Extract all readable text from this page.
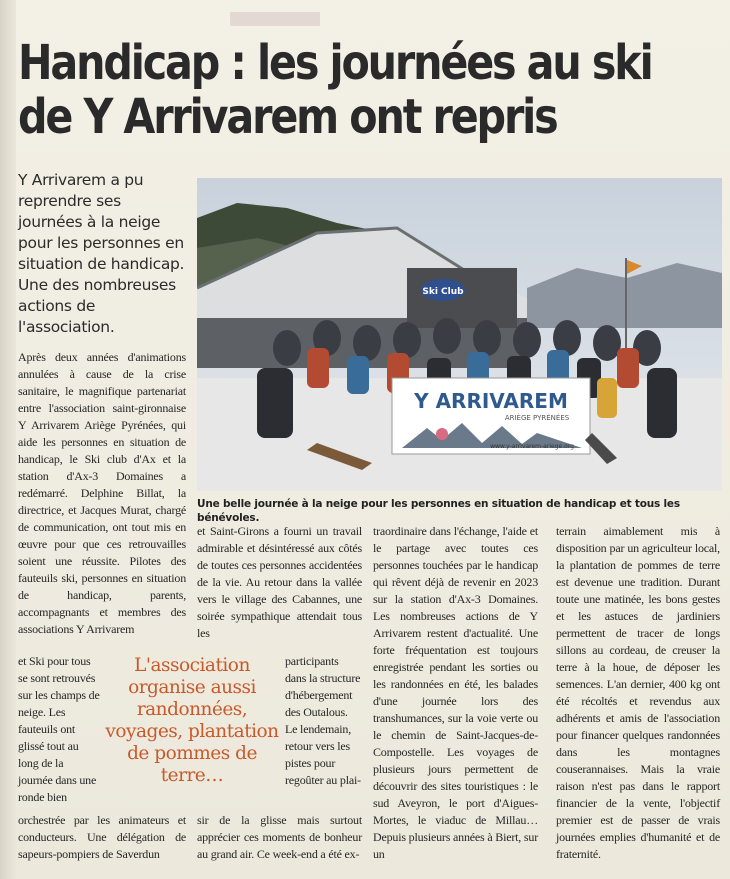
Handicap : les journées au ski
de Y Arrivarem ont repris

Y Arrivarem a pu reprendre ses journées à la neige pour les personnes en situation de handicap. Une des nombreuses actions de l'association.

Ski Club
Y ARRIVAREM
ARIÈGE PYRÉNÉES
www.y-arrivarem-ariege.org

Une belle journée à la neige pour les personnes en situation de handicap et tous les bénévoles.

Après deux années d'animations annulées à cause de la crise sanitaire, le magnifique partenariat entre l'association saint-gironnaise Y Arrivarem Ariège Pyrénées, qui aide les personnes en situation de handicap, le Ski club d'Ax et la station d'Ax-3 Domaines a redémarré. Delphine Billat, la directrice, et Jacques Murat, chargé de communication, ont tout mis en œuvre pour que ces retrouvailles soient une réussite. Pilotes des fauteuils ski, personnes en situation de handicap, parents, accompagnants et membres des associations Y Arrivarem

et Ski pour tous se sont retrouvés sur les champs de neige. Les fauteuils ont glissé tout au long de la journée dans une ronde bien

orchestrée par les animateurs et conducteurs. Une délégation de sapeurs-pompiers de Saverdun

L'association organise aussi randonnées, voyages, plantation de pommes de terre…

et Saint-Girons a fourni un travail admirable et désintéressé aux côtés de toutes ces personnes accidentées de la vie. Au retour dans la vallée vers le village des Cabannes, une soirée sympathique attendait tous les

participants dans la structure d'hébergement des Outalous. Le lendemain, retour vers les pistes pour regoûter au plai-

sir de la glisse mais surtout apprécier ces moments de bonheur au grand air. Ce week-end a été ex-

traordinaire dans l'échange, l'aide et le partage avec toutes ces personnes touchées par le handicap qui rêvent déjà de revenir en 2023 sur la station d'Ax-3 Domaines. Les nombreuses actions de Y Arrivarem restent d'actualité. Une forte fréquentation est toujours enregistrée pendant les sorties ou les randonnées en été, les balades d'une journée lors des transhumances, sur la voie verte ou le chemin de Saint-Jacques-de-Compostelle. Les voyages de plusieurs jours permettent de découvrir des sites touristiques : le sud Aveyron, le port d'Aigues-Mortes, le viaduc de Millau… Depuis plusieurs années à Biert, sur un

terrain aimablement mis à disposition par un agriculteur local, la plantation de pommes de terre est devenue une tradition. Durant toute une matinée, les bons gestes et les astuces de jardiniers permettent de tracer de longs sillons au cordeau, de creuser la terre à la houe, de déposer les semences. L'an dernier, 400 kg ont été récoltés et revendus aux adhérents et amis de l'association pour financer quelques randonnées dans les montagnes couserannaises. Mais la vraie raison n'est pas dans le rapport financier de la vente, l'objectif premier est de passer de vrais journées emplies d'humanité et de fraternité.
